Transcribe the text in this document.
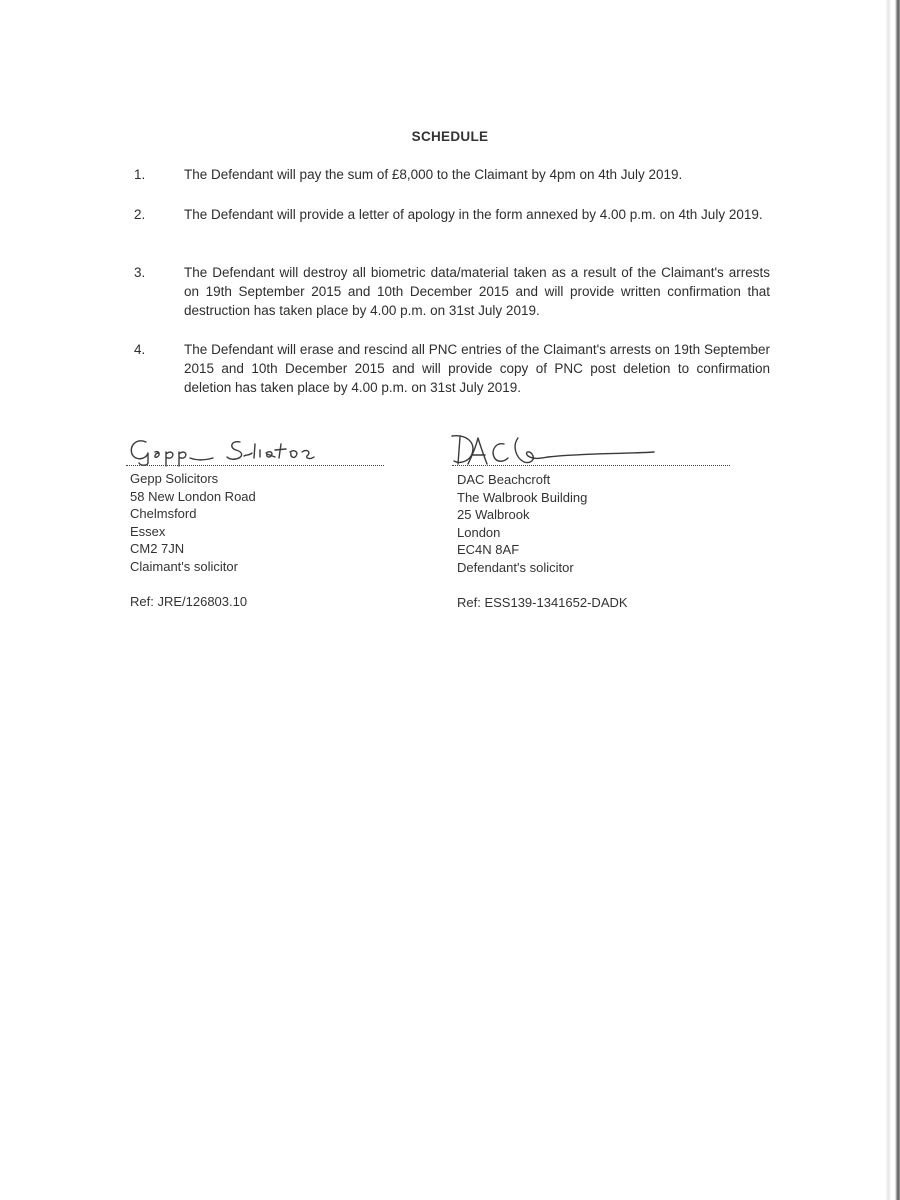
SCHEDULE
1.	The Defendant will pay the sum of £8,000 to the Claimant by 4pm on 4th July 2019.
2.	The Defendant will provide a letter of apology in the form annexed by 4.00 p.m. on 4th July 2019.
3.	The Defendant will destroy all biometric data/material taken as a result of the Claimant's arrests on 19th September 2015 and 10th December 2015 and will provide written confirmation that destruction has taken place by 4.00 p.m. on 31st July 2019.
4.	The Defendant will erase and rescind all PNC entries of the Claimant's arrests on 19th September 2015 and 10th December 2015 and will provide copy of PNC post deletion to confirmation deletion has taken place by 4.00 p.m. on 31st July 2019.
Gepp Solicitors
58 New London Road
Chelmsford
Essex
CM2 7JN
Claimant's solicitor
DAC Beachcroft
The Walbrook Building
25 Walbrook
London
EC4N 8AF
Defendant's solicitor
Ref: JRE/126803.10	Ref: ESS139-1341652-DADK
